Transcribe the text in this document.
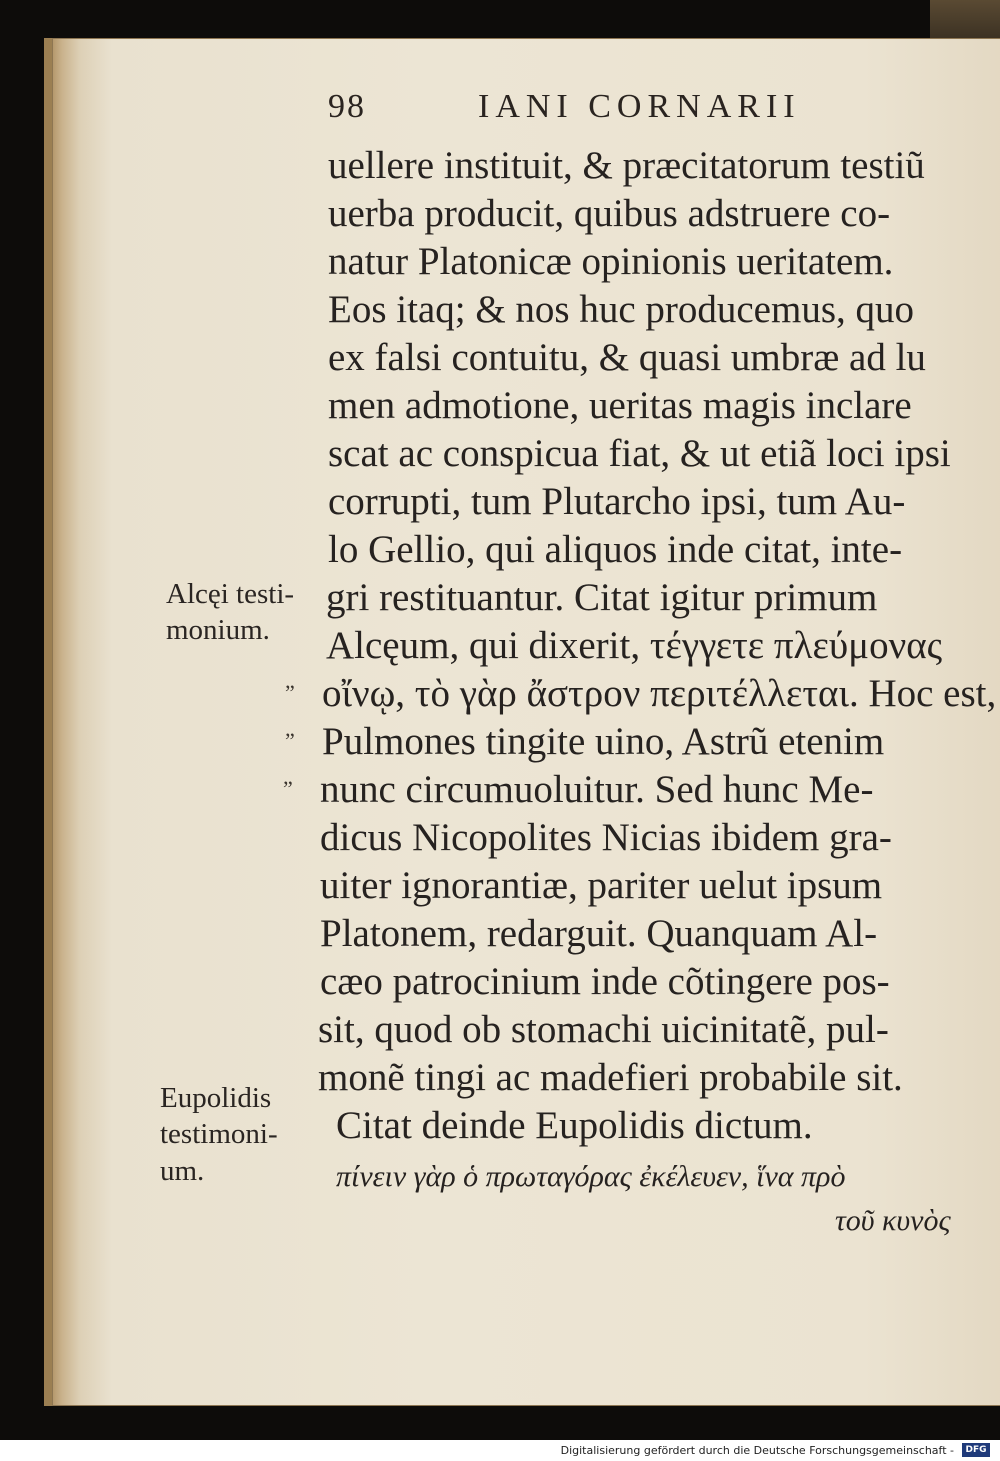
98	IANI CORNARII
uellere instituit, & præcitatorum testiũ
uerba producit, quibus adstruere co-
natur Platonicæ opinionis ueritatem.
Eos itaq; & nos huc producemus, quo
ex falsi contuitu, & quasi umbræ ad lu
men admotione, ueritas magis inclare
scat ac conspicua fiat, & ut etiã loci ipsi
corrupti, tum Plutarcho ipsi, tum Au-
lo Gellio, qui aliquos inde citat, inte-
gri restituantur. Citat igitur primum
Alcęum, qui dixerit, τέγγετε πλεύμονας
οἴνῳ, τὸ γὰρ ἄστρον περιτέλλεται. Hoc est,
Pulmones tingite uino, Astrũ etenim
nunc circumuoluitur. Sed hunc Me-
dicus Nicopolites Nicias ibidem gra-
uiter ignorantiæ, pariter uelut ipsum
Platonem, redarguit. Quanquam Al-
cæo patrocinium inde cõtingere pos-
sit, quod ob stomachi uicinitatẽ, pul-
monẽ tingi ac madefieri probabile sit.
Citat deinde Eupolidis dictum.
πίνειν γὰρ ὁ πρωταγόρας ἐκέλευεν, ἵνα πρὸ
τοῦ κυνὸς
Alcęi testi-
monium.
Eupolidis
testimoni-
um.
”
”
”
Digitalisierung gefördert durch die Deutsche Forschungsgemeinschaft -	DFG
